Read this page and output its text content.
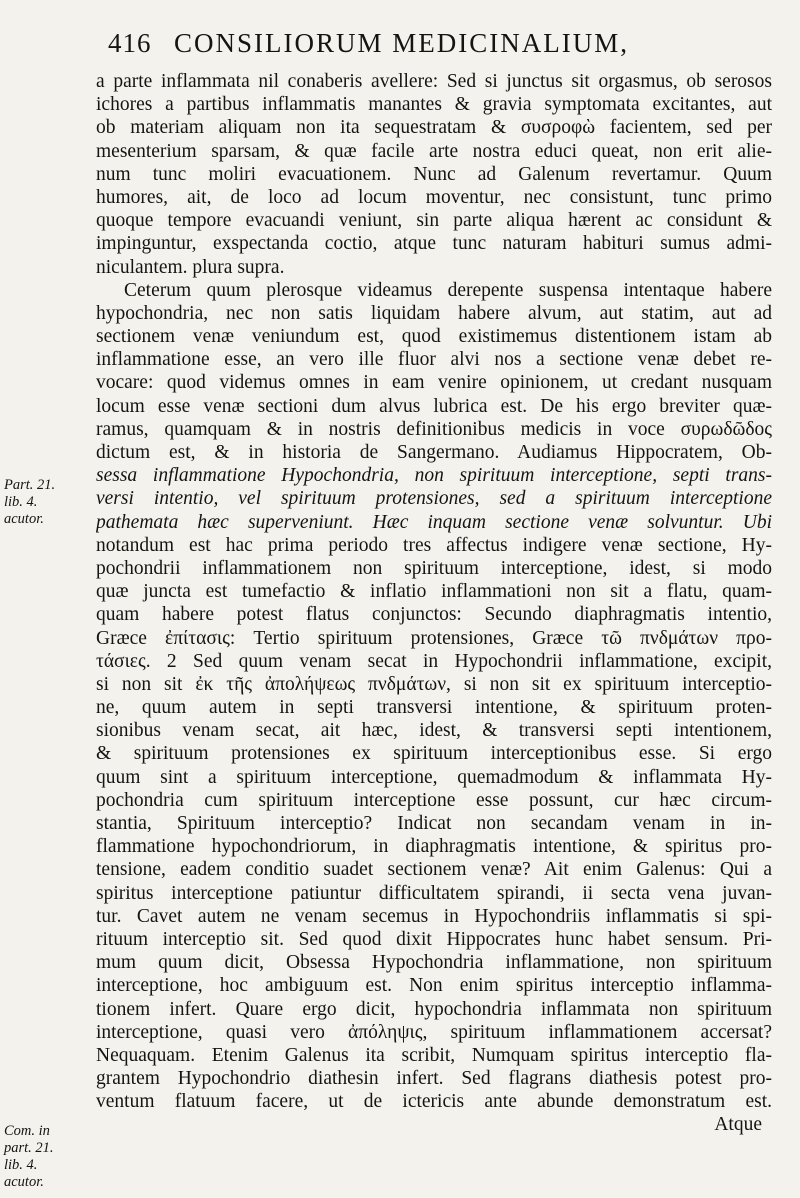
416 CONSILIORUM MEDICINALIUM,
Part. 21.
lib. 4.
acutor.
Com. in
part. 21.
lib. 4.
acutor.
a parte inflammata nil conaberis avellere: Sed si junctus sit orgasmus, ob serosos
ichores a partibus inflammatis manantes & gravia symptomata excitantes, aut
ob materiam aliquam non ita sequestratam & συσροφὼ facientem, sed per
mesenterium sparsam, & quæ facile arte nostra educi queat, non erit alie-
num tunc moliri evacuationem. Nunc ad Galenum revertamur. Quum
humores, ait, de loco ad locum moventur, nec consistunt, tunc primo
quoque tempore evacuandi veniunt, sin parte aliqua hærent ac considunt &
impinguntur, exspectanda coctio, atque tunc naturam habituri sumus admi-
niculantem. plura supra.
Ceterum quum plerosque videamus derepente suspensa intentaque habere
hypochondria, nec non satis liquidam habere alvum, aut statim, aut ad
sectionem venæ veniundum est, quod existimemus distentionem istam ab
inflammatione esse, an vero ille fluor alvi nos a sectione venæ debet re-
vocare: quod videmus omnes in eam venire opinionem, ut credant nusquam
locum esse venæ sectioni dum alvus lubrica est. De his ergo breviter quæ-
ramus, quamquam & in nostris definitionibus medicis in voce συρωδῶδος
dictum est, & in historia de Sangermano. Audiamus Hippocratem, Ob-
sessa inflammatione Hypochondria, non spirituum interceptione, septi trans-
versi intentio, vel spirituum protensiones, sed a spirituum interceptione
pathemata hæc superveniunt. Hæc inquam sectione venæ solvuntur. Ubi
notandum est hac prima periodo tres affectus indigere venæ sectione, Hy-
pochondrii inflammationem non spirituum interceptione, idest, si modo
quæ juncta est tumefactio & inflatio inflammationi non sit a flatu, quam-
quam habere potest flatus conjunctos: Secundo diaphragmatis intentio,
Græce ἐπίτασις: Tertio spirituum protensiones, Græce τῶ πνδμάτων προ-
τάσιες. 2 Sed quum venam secat in Hypochondrii inflammatione, excipit,
si non sit ἐκ τῆς ἀπολήψεως πνδμάτων, si non sit ex spirituum interceptio-
ne, quum autem in septi transversi intentione, & spirituum proten-
sionibus venam secat, ait hæc, idest, & transversi septi intentionem,
& spirituum protensiones ex spirituum interceptionibus esse. Si ergo
quum sint a spirituum interceptione, quemadmodum & inflammata Hy-
pochondria cum spirituum interceptione esse possunt, cur hæc circum-
stantia, Spirituum interceptio? Indicat non secandam venam in in-
flammatione hypochondriorum, in diaphragmatis intentione, & spiritus pro-
tensione, eadem conditio suadet sectionem venæ? Ait enim Galenus: Qui a
spiritus interceptione patiuntur difficultatem spirandi, ii secta vena juvan-
tur. Cavet autem ne venam secemus in Hypochondriis inflammatis si spi-
rituum interceptio sit. Sed quod dixit Hippocrates hunc habet sensum. Pri-
mum quum dicit, Obsessa Hypochondria inflammatione, non spirituum
interceptione, hoc ambiguum est. Non enim spiritus interceptio inflamma-
tionem infert. Quare ergo dicit, hypochondria inflammata non spirituum
interceptione, quasi vero ἀπόληψις, spirituum inflammationem accersat?
Nequaquam. Etenim Galenus ita scribit, Numquam spiritus interceptio fla-
grantem Hypochondrio diathesin infert. Sed flagrans diathesis potest pro-
ventum flatuum facere, ut de ictericis ante abunde demonstratum est.
Atque
